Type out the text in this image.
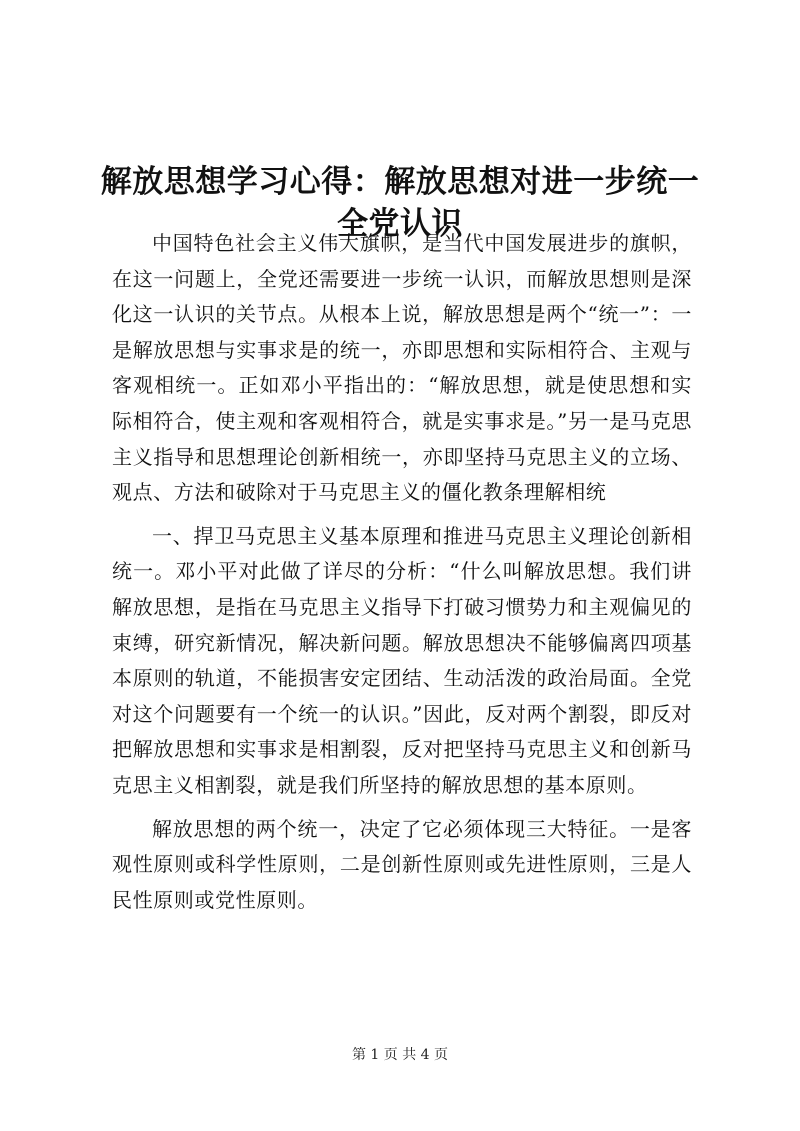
解放思想学习心得：解放思想对进一步统一全党认识

中国特色社会主义伟大旗帜，是当代中国发展进步的旗帜，在这一问题上，全党还需要进一步统一认识，而解放思想则是深化这一认识的关节点。从根本上说，解放思想是两个“统一”：一是解放思想与实事求是的统一，亦即思想和实际相符合、主观与客观相统一。正如邓小平指出的：“解放思想，就是使思想和实际相符合，使主观和客观相符合，就是实事求是。”另一是马克思主义指导和思想理论创新相统一，亦即坚持马克思主义的立场、观点、方法和破除对于马克思主义的僵化教条理解相统

一、捍卫马克思主义基本原理和推进马克思主义理论创新相统一。邓小平对此做了详尽的分析：“什么叫解放思想。我们讲解放思想，是指在马克思主义指导下打破习惯势力和主观偏见的束缚，研究新情况，解决新问题。解放思想决不能够偏离四项基本原则的轨道，不能损害安定团结、生动活泼的政治局面。全党对这个问题要有一个统一的认识。”因此，反对两个割裂，即反对把解放思想和实事求是相割裂，反对把坚持马克思主义和创新马克思主义相割裂，就是我们所坚持的解放思想的基本原则。

解放思想的两个统一，决定了它必须体现三大特征。一是客观性原则或科学性原则，二是创新性原则或先进性原则，三是人民性原则或党性原则。

第 1 页 共 4 页
